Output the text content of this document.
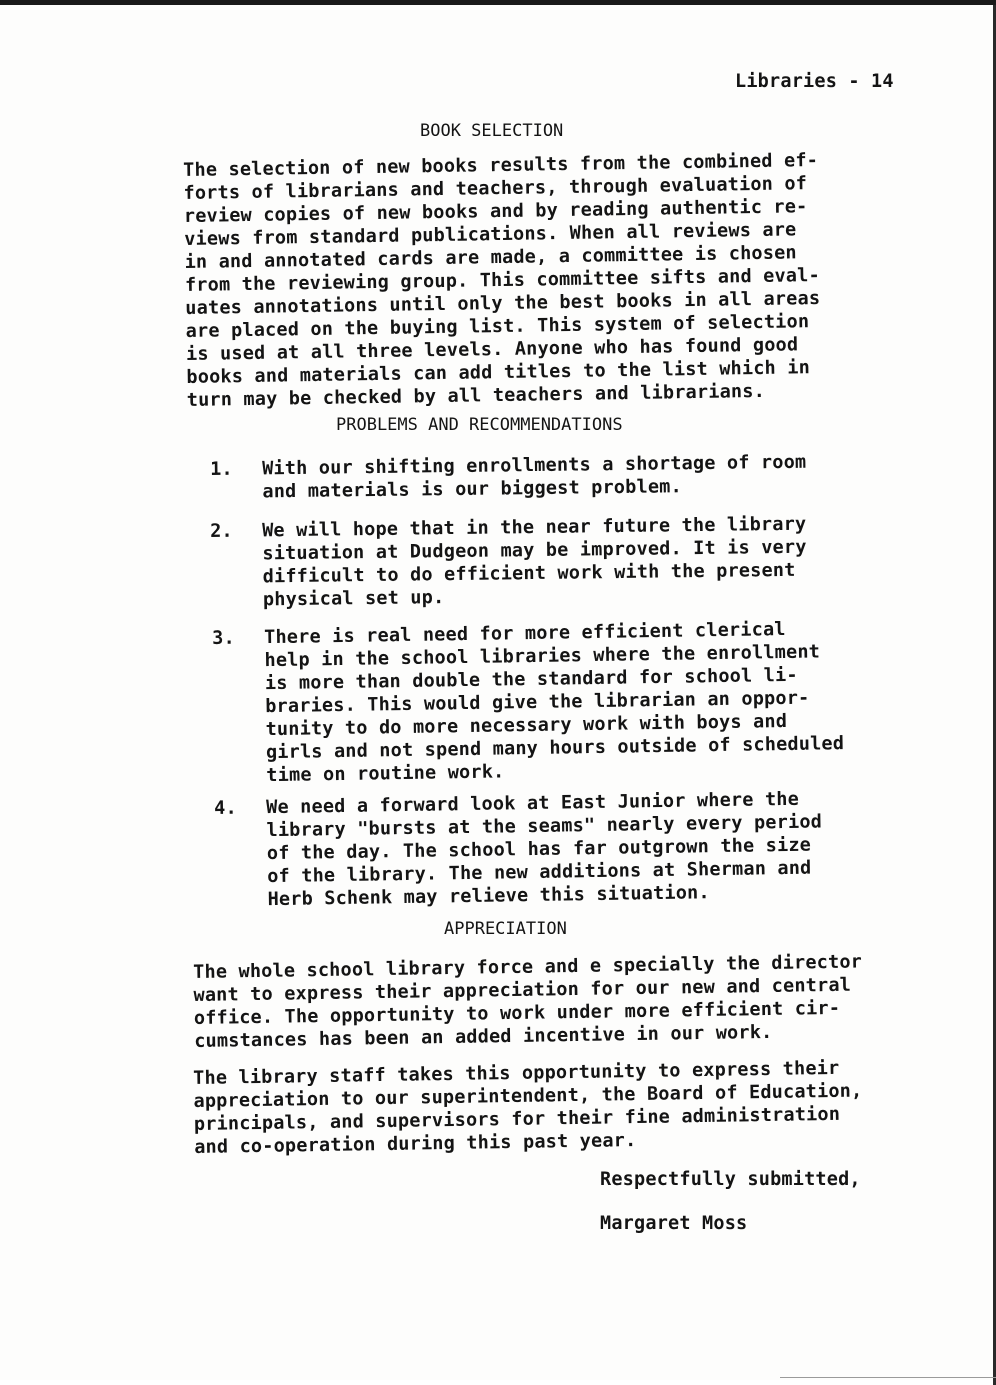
Libraries - 14
BOOK SELECTION
The selection of new books results from the combined ef-
forts of librarians and teachers, through evaluation of
review copies of new books and by reading authentic re-
views from standard publications. When all reviews are
in and annotated cards are made, a committee is chosen
from the reviewing group. This committee sifts and eval-
uates annotations until only the best books in all areas
are placed on the buying list. This system of selection
is used at all three levels. Anyone who has found good
books and materials can add titles to the list which in
turn may be checked by all teachers and librarians.
PROBLEMS AND RECOMMENDATIONS
1. With our shifting enrollments a shortage of room
and materials is our biggest problem.
2. We will hope that in the near future the library
situation at Dudgeon may be improved. It is very
difficult to do efficient work with the present
physical set up.
3. There is real need for more efficient clerical
help in the school libraries where the enrollment
is more than double the standard for school li-
braries. This would give the librarian an oppor-
tunity to do more necessary work with boys and
girls and not spend many hours outside of scheduled
time on routine work.
4. We need a forward look at East Junior where the
library "bursts at the seams" nearly every period
of the day. The school has far outgrown the size
of the library. The new additions at Sherman and
Herb Schenk may relieve this situation.
APPRECIATION
The whole school library force and e specially the director
want to express their appreciation for our new and central
office. The opportunity to work under more efficient cir-
cumstances has been an added incentive in our work.
The library staff takes this opportunity to express their
appreciation to our superintendent, the Board of Education,
principals, and supervisors for their fine administration
and co-operation during this past year.
Respectfully submitted,
Margaret Moss
